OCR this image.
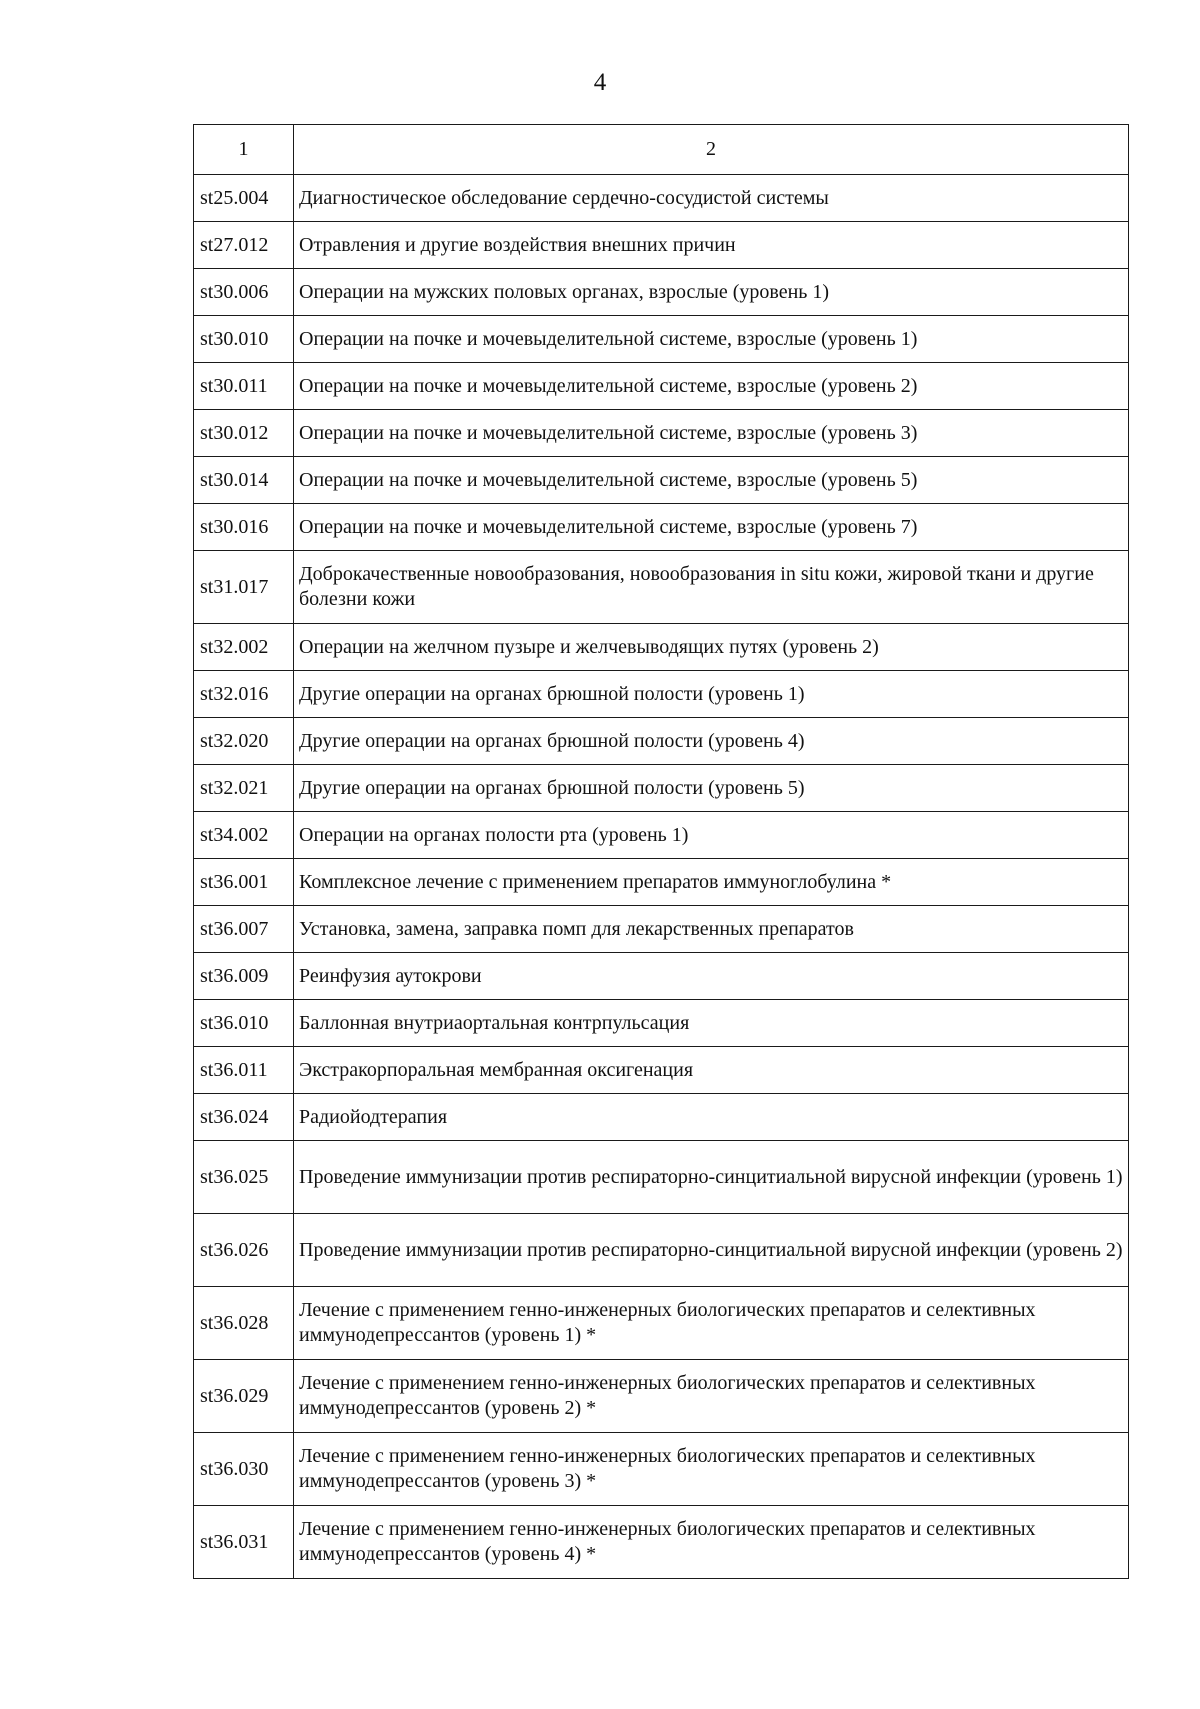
4
1	2
st25.004	Диагностическое обследование сердечно-сосудистой системы
st27.012	Отравления и другие воздействия внешних причин
st30.006	Операции на мужских половых органах, взрослые (уровень 1)
st30.010	Операции на почке и мочевыделительной системе, взрослые (уровень 1)
st30.011	Операции на почке и мочевыделительной системе, взрослые (уровень 2)
st30.012	Операции на почке и мочевыделительной системе, взрослые (уровень 3)
st30.014	Операции на почке и мочевыделительной системе, взрослые (уровень 5)
st30.016	Операции на почке и мочевыделительной системе, взрослые (уровень 7)
st31.017	Доброкачественные новообразования, новообразования in situ кожи, жировой ткани и другие болезни кожи
st32.002	Операции на желчном пузыре и желчевыводящих путях (уровень 2)
st32.016	Другие операции на органах брюшной полости (уровень 1)
st32.020	Другие операции на органах брюшной полости (уровень 4)
st32.021	Другие операции на органах брюшной полости (уровень 5)
st34.002	Операции на органах полости рта (уровень 1)
st36.001	Комплексное лечение с применением препаратов иммуноглобулина *
st36.007	Установка, замена, заправка помп для лекарственных препаратов
st36.009	Реинфузия аутокрови
st36.010	Баллонная внутриаортальная контрпульсация
st36.011	Экстракорпоральная мембранная оксигенация
st36.024	Радиойодтерапия
st36.025	Проведение иммунизации против респираторно-синцитиальной вирусной инфекции (уровень 1)
st36.026	Проведение иммунизации против респираторно-синцитиальной вирусной инфекции (уровень 2)
st36.028	Лечение с применением генно-инженерных биологических препаратов и селективных иммунодепрессантов (уровень 1) *
st36.029	Лечение с применением генно-инженерных биологических препаратов и селективных иммунодепрессантов (уровень 2) *
st36.030	Лечение с применением генно-инженерных биологических препаратов и селективных иммунодепрессантов (уровень 3) *
st36.031	Лечение с применением генно-инженерных биологических препаратов и селективных иммунодепрессантов (уровень 4) *
